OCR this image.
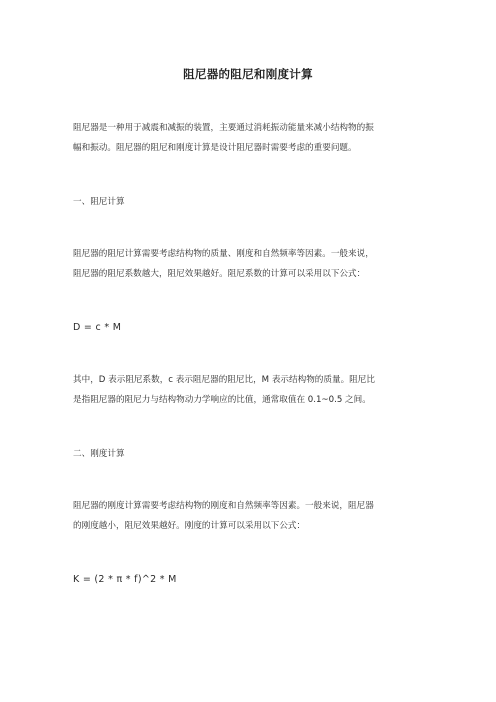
阻尼器的阻尼和刚度计算
阻尼器是一种用于减震和减振的装置，主要通过消耗振动能量来减小结构物的振
幅和振动。阻尼器的阻尼和刚度计算是设计阻尼器时需要考虑的重要问题。
一、阻尼计算
阻尼器的阻尼计算需要考虑结构物的质量、刚度和自然频率等因素。一般来说，
阻尼器的阻尼系数越大，阻尼效果越好。阻尼系数的计算可以采用以下公式：
D = c * M
其中，D 表示阻尼系数，c 表示阻尼器的阻尼比，M 表示结构物的质量。阻尼比
是指阻尼器的阻尼力与结构物动力学响应的比值，通常取值在 0.1~0.5 之间。
二、刚度计算
阻尼器的刚度计算需要考虑结构物的刚度和自然频率等因素。一般来说，阻尼器
的刚度越小，阻尼效果越好。刚度的计算可以采用以下公式：
K = (2 * π * f)^2 * M
